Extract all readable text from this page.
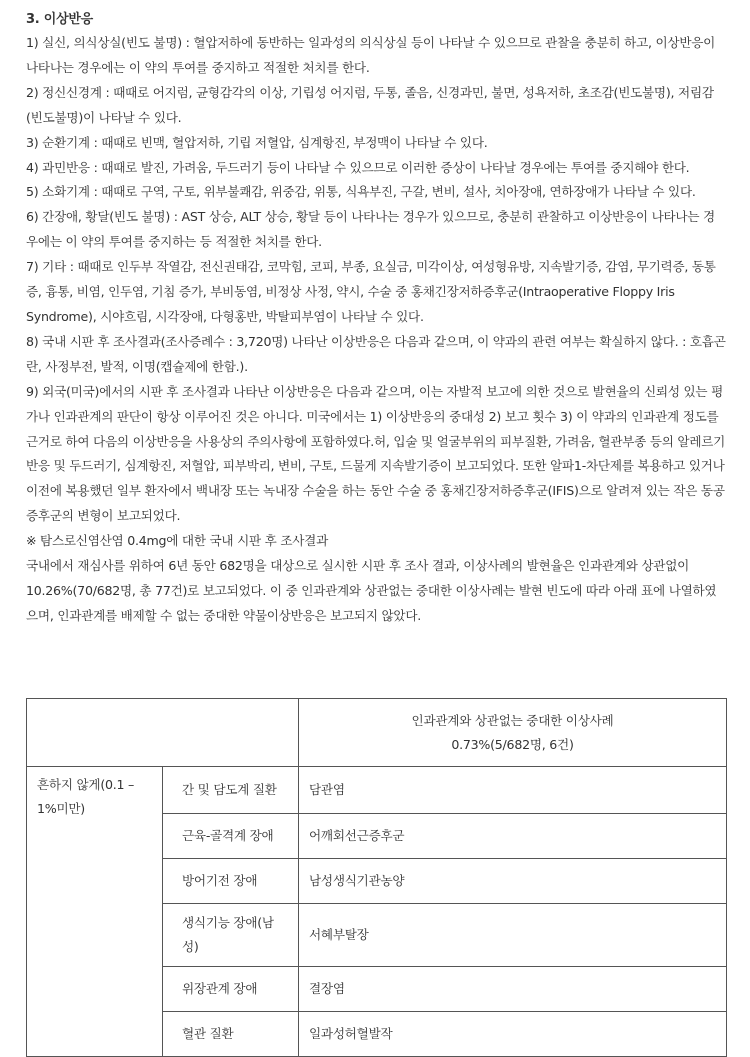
3. 이상반응

1) 실신, 의식상실(빈도 불명) : 혈압저하에 동반하는 일과성의 의식상실 등이 나타날 수 있으므로 관찰을 충분히 하고, 이상반응이 나타나는 경우에는 이 약의 투여를 중지하고 적절한 처치를 한다.

2) 정신신경계 : 때때로 어지럼, 균형감각의 이상, 기립성 어지럼, 두통, 졸음, 신경과민, 불면, 성욕저하, 초조감(빈도불명), 저림감(빈도불명)이 나타날 수 있다.

3) 순환기계 : 때때로 빈맥, 혈압저하, 기립 저혈압, 심계항진, 부정맥이 나타날 수 있다.

4) 과민반응 : 때때로 발진, 가려움, 두드러기 등이 나타날 수 있으므로 이러한 증상이 나타날 경우에는 투여를 중지해야 한다.

5) 소화기계 : 때때로 구역, 구토, 위부불쾌감, 위중감, 위통, 식욕부진, 구갈, 변비, 설사, 치아장애, 연하장애가 나타날 수 있다.

6) 간장애, 황달(빈도 불명) : AST 상승, ALT 상승, 황달 등이 나타나는 경우가 있으므로, 충분히 관찰하고 이상반응이 나타나는 경우에는 이 약의 투여를 중지하는 등 적절한 처치를 한다.

7) 기타 : 때때로 인두부 작열감, 전신권태감, 코막힘, 코피, 부종, 요실금, 미각이상, 여성형유방, 지속발기증, 감염, 무기력증, 동통증, 흉통, 비염, 인두염, 기침 증가, 부비동염, 비정상 사정, 약시, 수술 중 홍채긴장저하증후군(Intraoperative Floppy Iris Syndrome), 시야흐림, 시각장애, 다형홍반, 박탈피부염이 나타날 수 있다.

8) 국내 시판 후 조사결과(조사증례수 : 3,720명) 나타난 이상반응은 다음과 같으며, 이 약과의 관련 여부는 확실하지 않다. : 호흡곤란, 사정부전, 발적, 이명(캡슐제에 한함.).

9) 외국(미국)에서의 시판 후 조사결과 나타난 이상반응은 다음과 같으며, 이는 자발적 보고에 의한 것으로 발현율의 신뢰성 있는 평가나 인과관계의 판단이 항상 이루어진 것은 아니다. 미국에서는 1) 이상반응의 중대성 2) 보고 횟수 3) 이 약과의 인과관계 정도를 근거로 하여 다음의 이상반응을 사용상의 주의사항에 포함하였다.허, 입술 및 얼굴부위의 피부질환, 가려움, 혈관부종 등의 알레르기 반응 및 두드러기, 심계항진, 저혈압, 피부박리, 변비, 구토, 드물게 지속발기증이 보고되었다. 또한 알파1-차단제를 복용하고 있거나 이전에 복용했던 일부 환자에서 백내장 또는 녹내장 수술을 하는 동안 수술 중 홍채긴장저하증후군(IFIS)으로 알려져 있는 작은 동공증후군의 변형이 보고되었다.

※ 탐스로신염산염 0.4mg에 대한 국내 시판 후 조사결과

국내에서 재심사를 위하여 6년 동안 682명을 대상으로 실시한 시판 후 조사 결과, 이상사례의 발현율은 인과관계와 상관없이 10.26%(70/682명, 총 77건)로 보고되었다. 이 중 인과관계와 상관없는 중대한 이상사례는 발현 빈도에 따라 아래 표에 나열하였으며, 인과관계를 배제할 수 없는 중대한 약물이상반응은 보고되지 않았다.

		인과관계와 상관없는 중대한 이상사례
0.73%(5/682명, 6건)

흔하지 않게(0.1 – 1%미만)	간 및 담도계 질환	담관염
	근육-골격계 장애	어깨회선근증후군
	방어기전 장애	남성생식기관농양
	생식기능 장애(남성)	서혜부탈장
	위장관계 장애	결장염
	혈관 질환	일과성허혈발작
